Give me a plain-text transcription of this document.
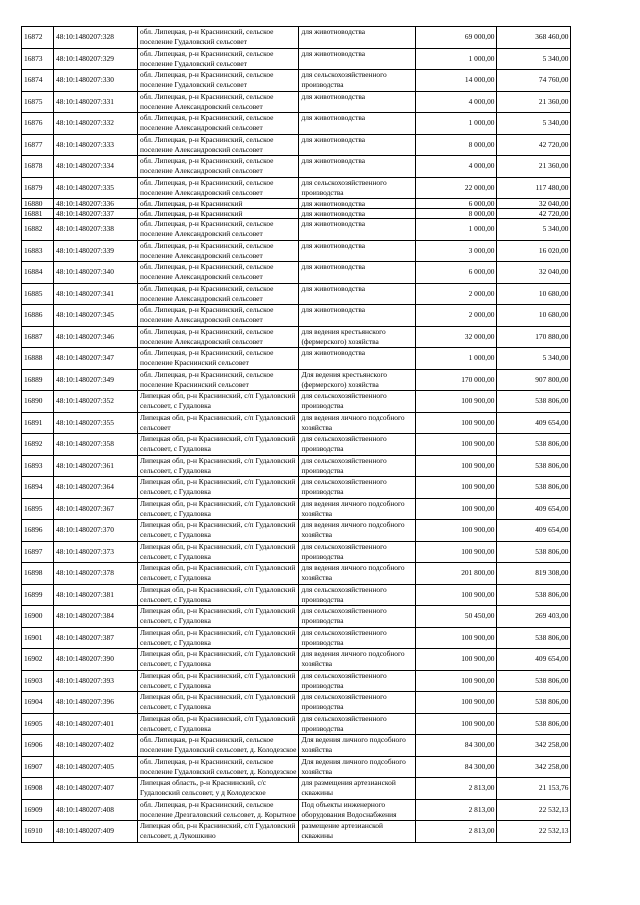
16872	48:10:1480207:328	обл. Липецкая, р-н Краснинский, сельское
поселение Гудаловский сельсовет	для животноводства	69 000,00	368 460,00
16873	48:10:1480207:329	обл. Липецкая, р-н Краснинский, сельское
поселение Гудаловский сельсовет	для животноводства	1 000,00	5 340,00
16874	48:10:1480207:330	обл. Липецкая, р-н Краснинский, сельское
поселение Гудаловский сельсовет	для сельскохозяйственного
производства	14 000,00	74 760,00
16875	48:10:1480207:331	обл. Липецкая, р-н Краснинский, сельское
поселение Александровский сельсовет	для животноводства	4 000,00	21 360,00
16876	48:10:1480207:332	обл. Липецкая, р-н Краснинский, сельское
поселение Александровский сельсовет	для животноводства	1 000,00	5 340,00
16877	48:10:1480207:333	обл. Липецкая, р-н Краснинский, сельское
поселение Александровский сельсовет	для животноводства	8 000,00	42 720,00
16878	48:10:1480207:334	обл. Липецкая, р-н Краснинский, сельское
поселение Александровский сельсовет	для животноводства	4 000,00	21 360,00
16879	48:10:1480207:335	обл. Липецкая, р-н Краснинский, сельское
поселение Александровский сельсовет	для сельскохозяйственного
производства	22 000,00	117 480,00
16880	48:10:1480207:336	обл. Липецкая, р-н Краснинский	для животноводства	6 000,00	32 040,00
16881	48:10:1480207:337	обл. Липецкая, р-н Краснинский	для животноводства	8 000,00	42 720,00
16882	48:10:1480207:338	обл. Липецкая, р-н Краснинский, сельское
поселение Александровский сельсовет	для животноводства	1 000,00	5 340,00
16883	48:10:1480207:339	обл. Липецкая, р-н Краснинский, сельское
поселение Александровский сельсовет	для животноводства	3 000,00	16 020,00
16884	48:10:1480207:340	обл. Липецкая, р-н Краснинский, сельское
поселение Александровский сельсовет	для животноводства	6 000,00	32 040,00
16885	48:10:1480207:341	обл. Липецкая, р-н Краснинский, сельское
поселение Александровский сельсовет	для животноводства	2 000,00	10 680,00
16886	48:10:1480207:345	обл. Липецкая, р-н Краснинский, сельское
поселение Александровский сельсовет	для животноводства	2 000,00	10 680,00
16887	48:10:1480207:346	обл. Липецкая, р-н Краснинский, сельское
поселение Александровский сельсовет	для ведения крестьянского
(фермерского) хозяйства	32 000,00	170 880,00
16888	48:10:1480207:347	обл. Липецкая, р-н Краснинский, сельское
поселение Краснинский сельсовет	для животноводства	1 000,00	5 340,00
16889	48:10:1480207:349	обл. Липецкая, р-н Краснинский, сельское
поселение Краснинский сельсовет	Для ведения крестьянского
(фермерского) хозяйства	170 000,00	907 800,00
16890	48:10:1480207:352	Липецкая обл, р-н Краснинский, с/п Гудаловский
сельсовет, с Гудаловка	для сельскохозяйственного
производства	100 900,00	538 806,00
16891	48:10:1480207:355	Липецкая обл, р-н Краснинский, с/п Гудаловский
сельсовет	для ведения личного подсобного
хозяйства	100 900,00	409 654,00
16892	48:10:1480207:358	Липецкая обл, р-н Краснинский, с/п Гудаловский
сельсовет, с Гудаловка	для сельскохозяйственного
производства	100 900,00	538 806,00
16893	48:10:1480207:361	Липецкая обл, р-н Краснинский, с/п Гудаловский
сельсовет, с Гудаловка	для сельскохозяйственного
производства	100 900,00	538 806,00
16894	48:10:1480207:364	Липецкая обл, р-н Краснинский, с/п Гудаловский
сельсовет, с Гудаловка	для сельскохозяйственного
производства	100 900,00	538 806,00
16895	48:10:1480207:367	Липецкая обл, р-н Краснинский, с/п Гудаловский
сельсовет, с Гудаловка	для ведения личного подсобного
хозяйства	100 900,00	409 654,00
16896	48:10:1480207:370	Липецкая обл, р-н Краснинский, с/п Гудаловский
сельсовет, с Гудаловка	для ведения личного подсобного
хозяйства	100 900,00	409 654,00
16897	48:10:1480207:373	Липецкая обл, р-н Краснинский, с/п Гудаловский
сельсовет, с Гудаловка	для сельскохозяйственного
производства	100 900,00	538 806,00
16898	48:10:1480207:378	Липецкая обл, р-н Краснинский, с/п Гудаловский
сельсовет, с Гудаловка	для ведения личного подсобного
хозяйства	201 800,00	819 308,00
16899	48:10:1480207:381	Липецкая обл, р-н Краснинский, с/п Гудаловский
сельсовет, с Гудаловка	для сельскохозяйственного
производства	100 900,00	538 806,00
16900	48:10:1480207:384	Липецкая обл, р-н Краснинский, с/п Гудаловский
сельсовет, с Гудаловка	для сельскохозяйственного
производства	50 450,00	269 403,00
16901	48:10:1480207:387	Липецкая обл, р-н Краснинский, с/п Гудаловский
сельсовет, с Гудаловка	для сельскохозяйственного
производства	100 900,00	538 806,00
16902	48:10:1480207:390	Липецкая обл, р-н Краснинский, с/п Гудаловский
сельсовет, с Гудаловка	для ведения личного подсобного
хозяйства	100 900,00	409 654,00
16903	48:10:1480207:393	Липецкая обл, р-н Краснинский, с/п Гудаловский
сельсовет, с Гудаловка	для сельскохозяйственного
производства	100 900,00	538 806,00
16904	48:10:1480207:396	Липецкая обл, р-н Краснинский, с/п Гудаловский
сельсовет, с Гудаловка	для сельскохозяйственного
производства	100 900,00	538 806,00
16905	48:10:1480207:401	Липецкая обл, р-н Краснинский, с/п Гудаловский
сельсовет, с Гудаловка	для сельскохозяйственного
производства	100 900,00	538 806,00
16906	48:10:1480207:402	обл. Липецкая, р-н Краснинский, сельское
поселение Гудаловский сельсовет, д. Колодезское	Для ведения личного подсобного
хозяйства	84 300,00	342 258,00
16907	48:10:1480207:405	обл. Липецкая, р-н Краснинский, сельское
поселение Гудаловский сельсовет, д. Колодезское	Для ведения личного подсобного
хозяйства	84 300,00	342 258,00
16908	48:10:1480207:407	Липецкая область, р-н Краснинский, с/с
Гудаловский сельсовет, у д Колодезское	для размещения артезианской
скважины	2 813,00	21 153,76
16909	48:10:1480207:408	обл. Липецкая, р-н Краснинский, сельское
поселение Дрезгаловский сельсовет, д. Корытное	Под объекты инженерного
оборудования Водоснабжения	2 813,00	22 532,13
16910	48:10:1480207:409	Липецкая обл, р-н Краснинский, с/п Гудаловский
сельсовет, д Лукошкино	размещение артезианской
скважины	2 813,00	22 532,13
